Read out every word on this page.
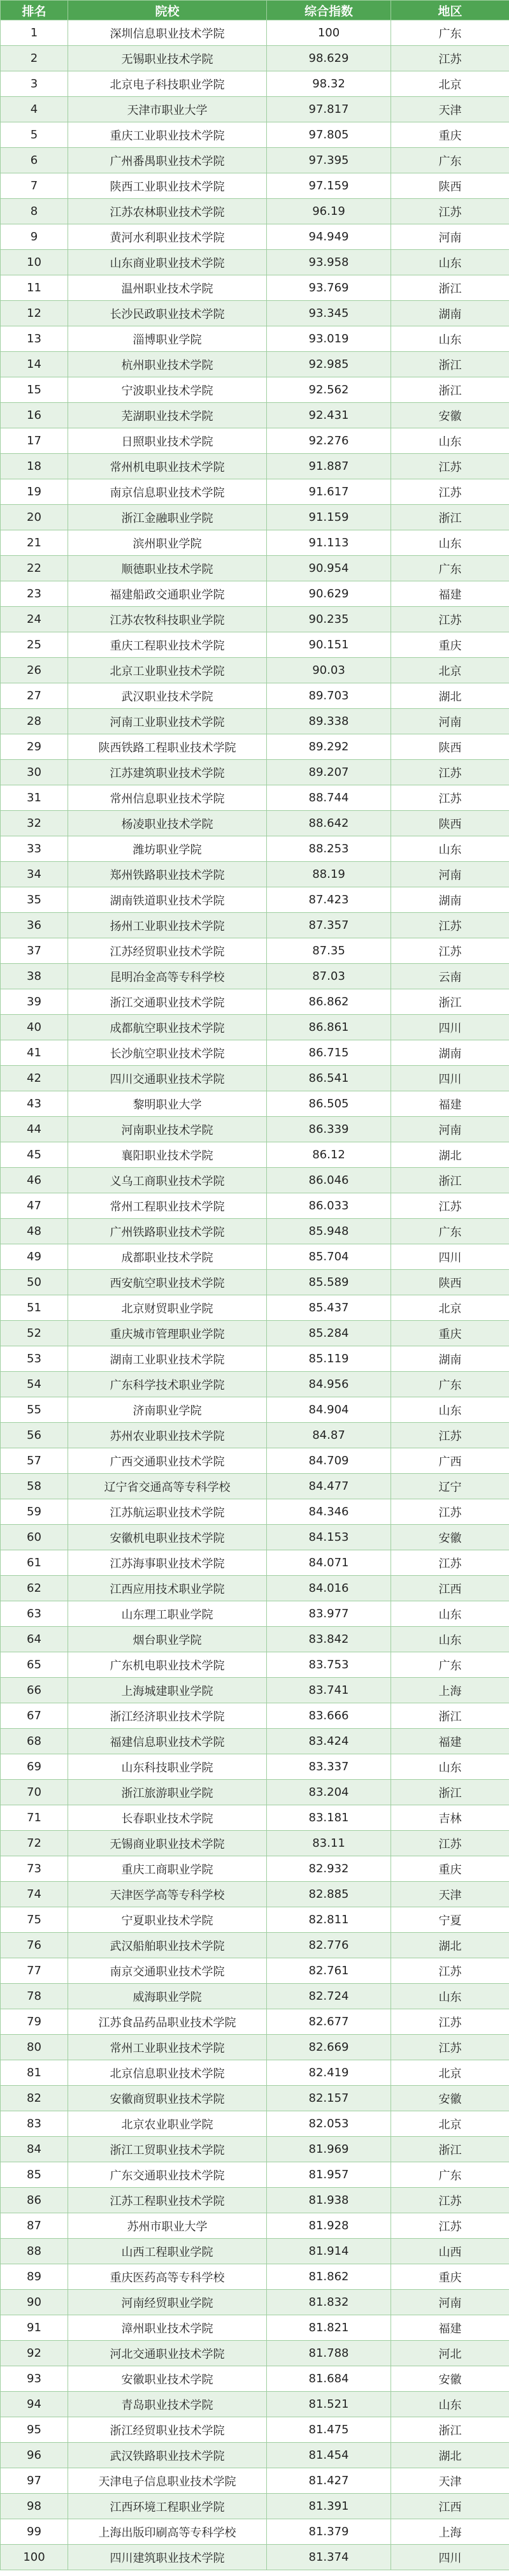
排名	院校	综合指数	地区
1	深圳信息职业技术学院	100	广东
2	无锡职业技术学院	98.629	江苏
3	北京电子科技职业学院	98.32	北京
4	天津市职业大学	97.817	天津
5	重庆工业职业技术学院	97.805	重庆
6	广州番禺职业技术学院	97.395	广东
7	陕西工业职业技术学院	97.159	陕西
8	江苏农林职业技术学院	96.19	江苏
9	黄河水利职业技术学院	94.949	河南
10	山东商业职业技术学院	93.958	山东
11	温州职业技术学院	93.769	浙江
12	长沙民政职业技术学院	93.345	湖南
13	淄博职业学院	93.019	山东
14	杭州职业技术学院	92.985	浙江
15	宁波职业技术学院	92.562	浙江
16	芜湖职业技术学院	92.431	安徽
17	日照职业技术学院	92.276	山东
18	常州机电职业技术学院	91.887	江苏
19	南京信息职业技术学院	91.617	江苏
20	浙江金融职业学院	91.159	浙江
21	滨州职业学院	91.113	山东
22	顺德职业技术学院	90.954	广东
23	福建船政交通职业学院	90.629	福建
24	江苏农牧科技职业学院	90.235	江苏
25	重庆工程职业技术学院	90.151	重庆
26	北京工业职业技术学院	90.03	北京
27	武汉职业技术学院	89.703	湖北
28	河南工业职业技术学院	89.338	河南
29	陕西铁路工程职业技术学院	89.292	陕西
30	江苏建筑职业技术学院	89.207	江苏
31	常州信息职业技术学院	88.744	江苏
32	杨凌职业技术学院	88.642	陕西
33	潍坊职业学院	88.253	山东
34	郑州铁路职业技术学院	88.19	河南
35	湖南铁道职业技术学院	87.423	湖南
36	扬州工业职业技术学院	87.357	江苏
37	江苏经贸职业技术学院	87.35	江苏
38	昆明冶金高等专科学校	87.03	云南
39	浙江交通职业技术学院	86.862	浙江
40	成都航空职业技术学院	86.861	四川
41	长沙航空职业技术学院	86.715	湖南
42	四川交通职业技术学院	86.541	四川
43	黎明职业大学	86.505	福建
44	河南职业技术学院	86.339	河南
45	襄阳职业技术学院	86.12	湖北
46	义乌工商职业技术学院	86.046	浙江
47	常州工程职业技术学院	86.033	江苏
48	广州铁路职业技术学院	85.948	广东
49	成都职业技术学院	85.704	四川
50	西安航空职业技术学院	85.589	陕西
51	北京财贸职业学院	85.437	北京
52	重庆城市管理职业学院	85.284	重庆
53	湖南工业职业技术学院	85.119	湖南
54	广东科学技术职业学院	84.956	广东
55	济南职业学院	84.904	山东
56	苏州农业职业技术学院	84.87	江苏
57	广西交通职业技术学院	84.709	广西
58	辽宁省交通高等专科学校	84.477	辽宁
59	江苏航运职业技术学院	84.346	江苏
60	安徽机电职业技术学院	84.153	安徽
61	江苏海事职业技术学院	84.071	江苏
62	江西应用技术职业学院	84.016	江西
63	山东理工职业学院	83.977	山东
64	烟台职业学院	83.842	山东
65	广东机电职业技术学院	83.753	广东
66	上海城建职业学院	83.741	上海
67	浙江经济职业技术学院	83.666	浙江
68	福建信息职业技术学院	83.424	福建
69	山东科技职业学院	83.337	山东
70	浙江旅游职业学院	83.204	浙江
71	长春职业技术学院	83.181	吉林
72	无锡商业职业技术学院	83.11	江苏
73	重庆工商职业学院	82.932	重庆
74	天津医学高等专科学校	82.885	天津
75	宁夏职业技术学院	82.811	宁夏
76	武汉船舶职业技术学院	82.776	湖北
77	南京交通职业技术学院	82.761	江苏
78	威海职业学院	82.724	山东
79	江苏食品药品职业技术学院	82.677	江苏
80	常州工业职业技术学院	82.669	江苏
81	北京信息职业技术学院	82.419	北京
82	安徽商贸职业技术学院	82.157	安徽
83	北京农业职业学院	82.053	北京
84	浙江工贸职业技术学院	81.969	浙江
85	广东交通职业技术学院	81.957	广东
86	江苏工程职业技术学院	81.938	江苏
87	苏州市职业大学	81.928	江苏
88	山西工程职业学院	81.914	山西
89	重庆医药高等专科学校	81.862	重庆
90	河南经贸职业学院	81.832	河南
91	漳州职业技术学院	81.821	福建
92	河北交通职业技术学院	81.788	河北
93	安徽职业技术学院	81.684	安徽
94	青岛职业技术学院	81.521	山东
95	浙江经贸职业技术学院	81.475	浙江
96	武汉铁路职业技术学院	81.454	湖北
97	天津电子信息职业技术学院	81.427	天津
98	江西环境工程职业学院	81.391	江西
99	上海出版印刷高等专科学校	81.379	上海
100	四川建筑职业技术学院	81.374	四川
